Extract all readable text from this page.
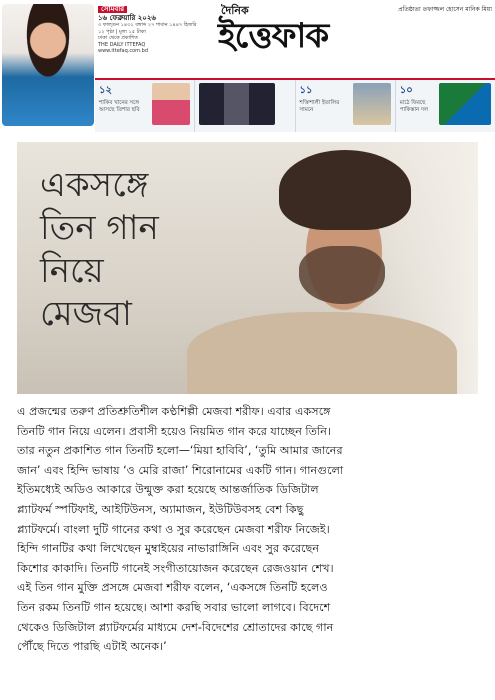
সোমবার
১৬ ফেব্রুয়ারি ২০২৬
৩ ফাল্গুন ১৪৩২ বঙ্গাব্দ ২৭ শাবান ১৪৪৭ হিজরি
১২ পৃষ্ঠা | মূল্য ১৫ টাকা
ঢাকা থেকে প্রকাশিত
THE DAILY ITTEFAQ
www.ittefaq.com.bd
দৈনিক	প্রতিষ্ঠাতা তফাজ্জল হোসেন মানিক মিয়া
ইত্তেফাক
১২
শাকিব খানের সঙ্গে আসছে তিশার ছবি
১১
শক্তিশালী ইতালির সামনে
১০
মাঠে ফিরছে পাকিস্তান দল
একসঙ্গে
তিন গান
নিয়ে
মেজবা
এ প্রজন্মের তরুণ প্রতিশ্রুতিশীল কণ্ঠশিল্পী মেজবা শরীফ। এবার একসঙ্গে
তিনটি গান নিয়ে এলেন। প্রবাসী হয়েও নিয়মিত গান করে যাচ্ছেন তিনি।
তার নতুন প্রকাশিত গান তিনটি হলো—‘মিয়া হাবিবি’, ‘তুমি আমার জানের
জান’ এবং হিন্দি ভাষায় ‘ও মেরি রাজা’ শিরোনামের একটি গান। গানগুলো
ইতিমধ্যেই অডিও আকারে উন্মুক্ত করা হয়েছে আন্তর্জাতিক ডিজিটাল
প্ল্যাটফর্ম স্পটিফাই, আইটিউনস, অ্যামাজন, ইউটিউবসহ বেশ কিছু
প্ল্যাটফর্মে। বাংলা দুটি গানের কথা ও সুর করেছেন মেজবা শরীফ নিজেই।
হিন্দি গানটির কথা লিখেছেন মুম্বাইয়ের নাভারাঙ্গিনি এবং সুর করেছেন
কিশোর কাকাদি। তিনটি গানেই সংগীতায়োজন করেছেন রেজওয়ান শেখ।
এই তিন গান মুক্তি প্রসঙ্গে মেজবা শরীফ বলেন, ‘একসঙ্গে তিনটি হলেও
তিন রকম তিনটি গান হয়েছে। আশা করছি সবার ভালো লাগবে। বিদেশে
থেকেও ডিজিটাল প্ল্যাটফর্মের মাধ্যমে দেশ-বিদেশের শ্রোতাদের কাছে গান
পৌঁছে দিতে পারছি এটাই অনেক।’
